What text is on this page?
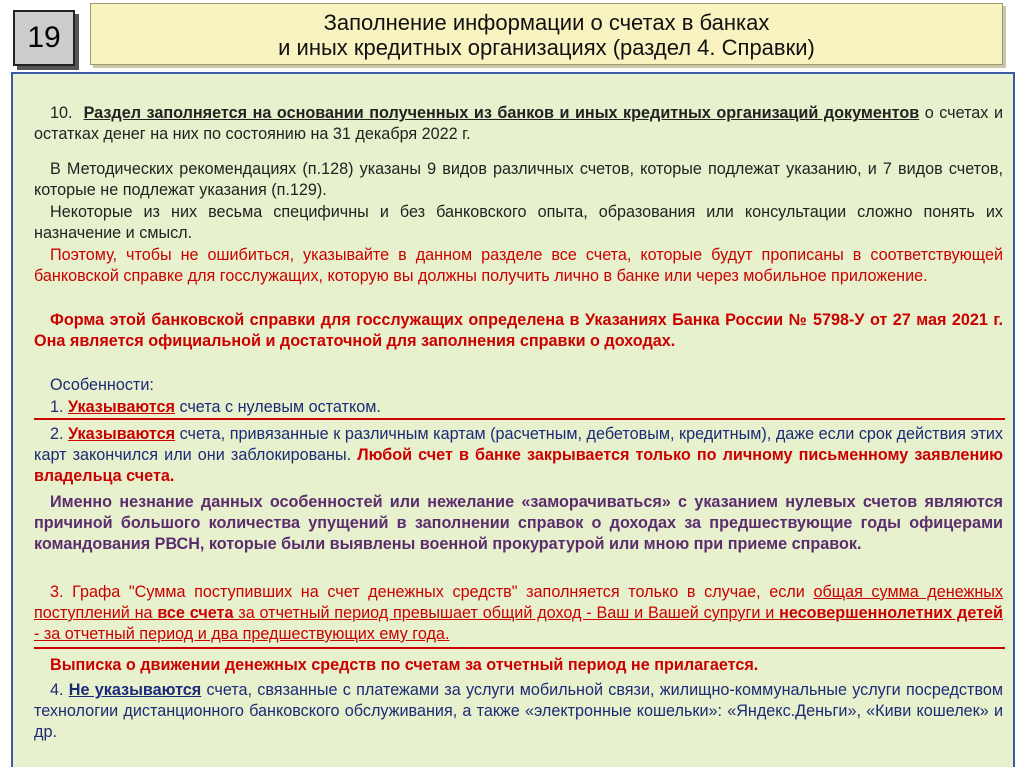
19	Заполнение информации о счетах в банках
и иных кредитных организациях (раздел 4. Справки)
10. Раздел заполняется на основании полученных из банков и иных кредитных организаций документов о счетах и остатках денег на них по состоянию на 31 декабря 2022 г.
В Методических рекомендациях (п.128) указаны 9 видов различных счетов, которые подлежат указанию, и 7 видов счетов, которые не подлежат указания (п.129).
Некоторые из них весьма специфичны и без банковского опыта, образования или консультации сложно понять их назначение и смысл.
Поэтому, чтобы не ошибиться, указывайте в данном разделе все счета, которые будут прописаны в соответствующей банковской справке для госслужащих, которую вы должны получить лично в банке или через мобильное приложение.
Форма этой банковской справки для госслужащих определена в Указаниях Банка России № 5798-У от 27 мая 2021 г. Она является официальной и достаточной для заполнения справки о доходах.
Особенности:
1. Указываются счета с нулевым остатком.
2. Указываются счета, привязанные к различным картам (расчетным, дебетовым, кредитным), даже если срок действия этих карт закончился или они заблокированы. Любой счет в банке закрывается только по личному письменному заявлению владельца счета.
Именно незнание данных особенностей или нежелание «заморачиваться» с указанием нулевых счетов являются причиной большого количества упущений в заполнении справок о доходах за предшествующие годы офицерами командования РВСН, которые были выявлены военной прокуратурой или мною при приеме справок.
3. Графа "Сумма поступивших на счет денежных средств" заполняется только в случае, если общая сумма денежных поступлений на все счета за отчетный период превышает общий доход - Ваш и Вашей супруги и несовершеннолетних детей - за отчетный период и два предшествующих ему года.
Выписка о движении денежных средств по счетам за отчетный период не прилагается.
4. Не указываются счета, связанные с платежами за услуги мобильной связи, жилищно-коммунальные услуги посредством технологии дистанционного банковского обслуживания, а также «электронные кошельки»: «Яндекс.Деньги», «Киви кошелек» и др.
